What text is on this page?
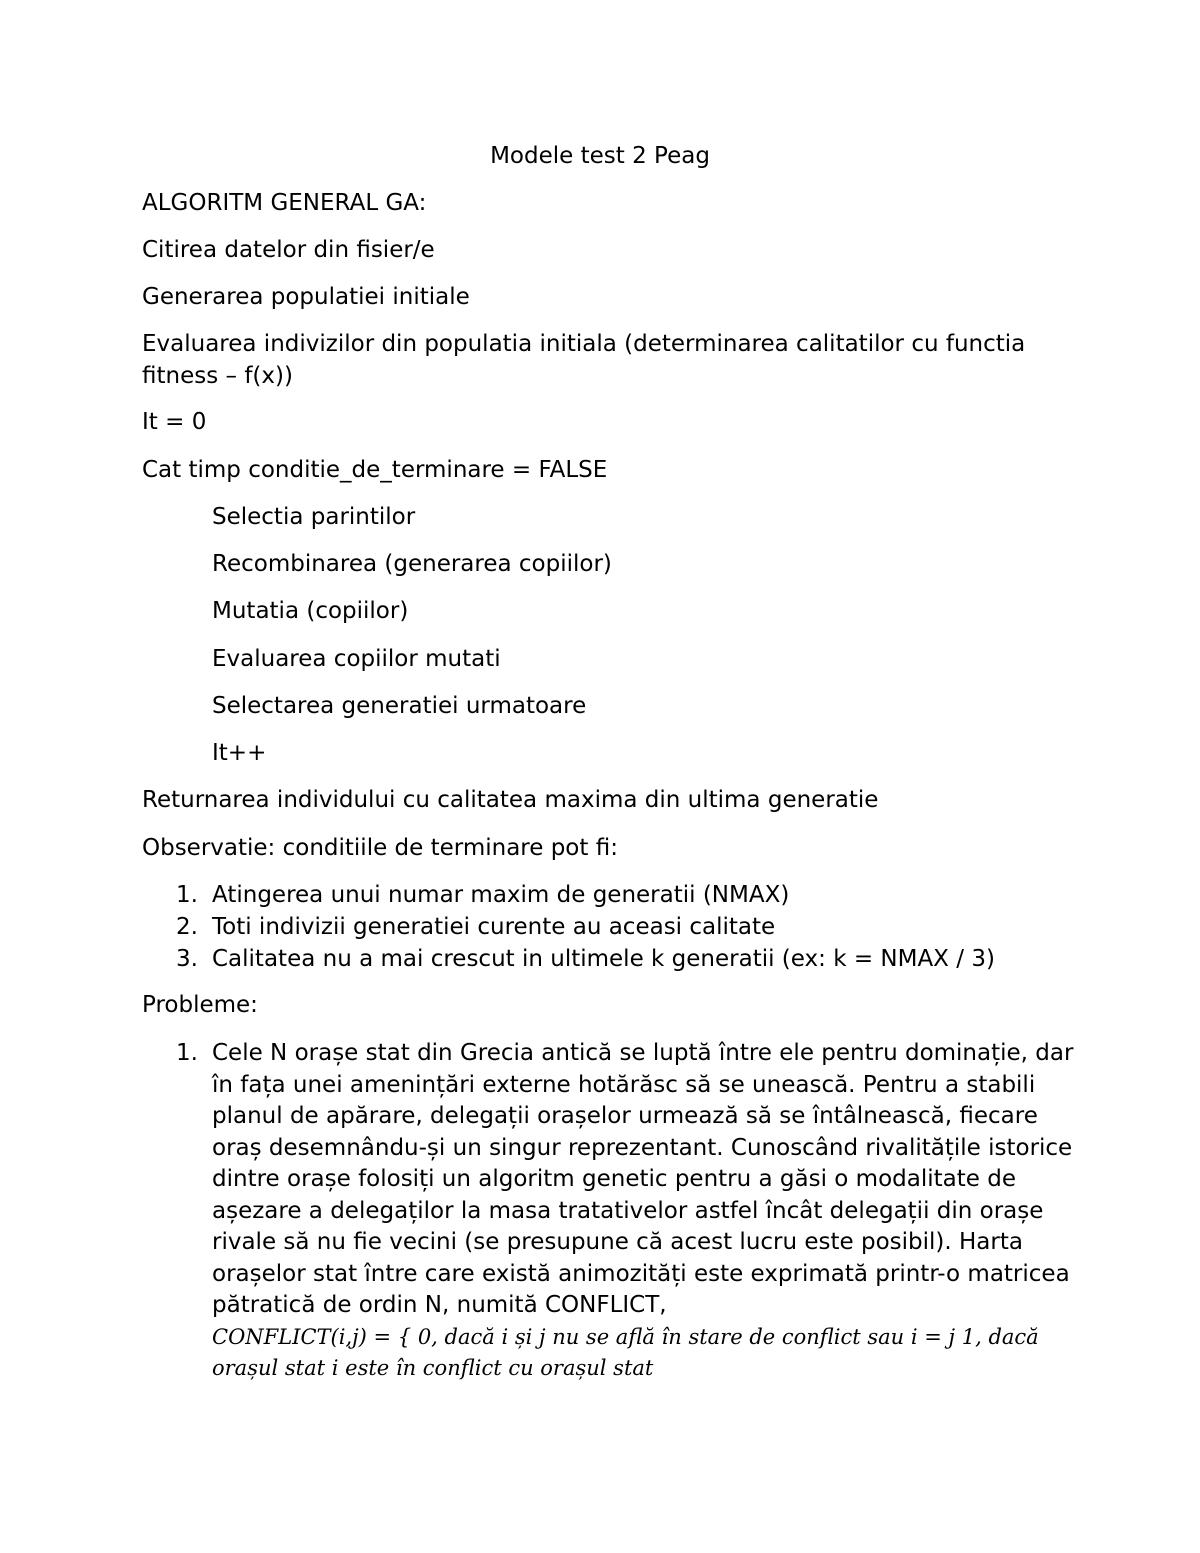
Modele test 2 Peag
ALGORITM GENERAL GA:
Citirea datelor din fisier/e
Generarea populatiei initiale
Evaluarea indivizilor din populatia initiala (determinarea calitatilor cu functia fitness – f(x))
It = 0
Cat timp conditie_de_terminare = FALSE
Selectia parintilor
Recombinarea (generarea copiilor)
Mutatia (copiilor)
Evaluarea copiilor mutati
Selectarea generatiei urmatoare
It++
Returnarea individului cu calitatea maxima din ultima generatie
Observatie: conditiile de terminare pot fi:
1. Atingerea unui numar maxim de generatii (NMAX)
2. Toti indivizii generatiei curente au aceasi calitate
3. Calitatea nu a mai crescut in ultimele k generatii (ex: k = NMAX / 3)
Probleme:
1. Cele N orașe stat din Grecia antică se luptă între ele pentru dominație, dar în fața unei amenințări externe hotărăsc să se unească. Pentru a stabili planul de apărare, delegații orașelor urmează să se întâlnească, fiecare oraș desemnându-și un singur reprezentant. Cunoscând rivalitățile istorice dintre orașe folosiți un algoritm genetic pentru a găsi o modalitate de așezare a delegaților la masa tratativelor astfel încât delegații din orașe rivale să nu fie vecini (se presupune că acest lucru este posibil). Harta orașelor stat între care există animozități este exprimată printr-o matricea pătratică de ordin N, numită CONFLICT,
CONFLICT(i,j) = { 0, dacă i și j nu se află în stare de conflict sau i = j 1, dacă
orașul stat i este în conflict cu orașul stat
